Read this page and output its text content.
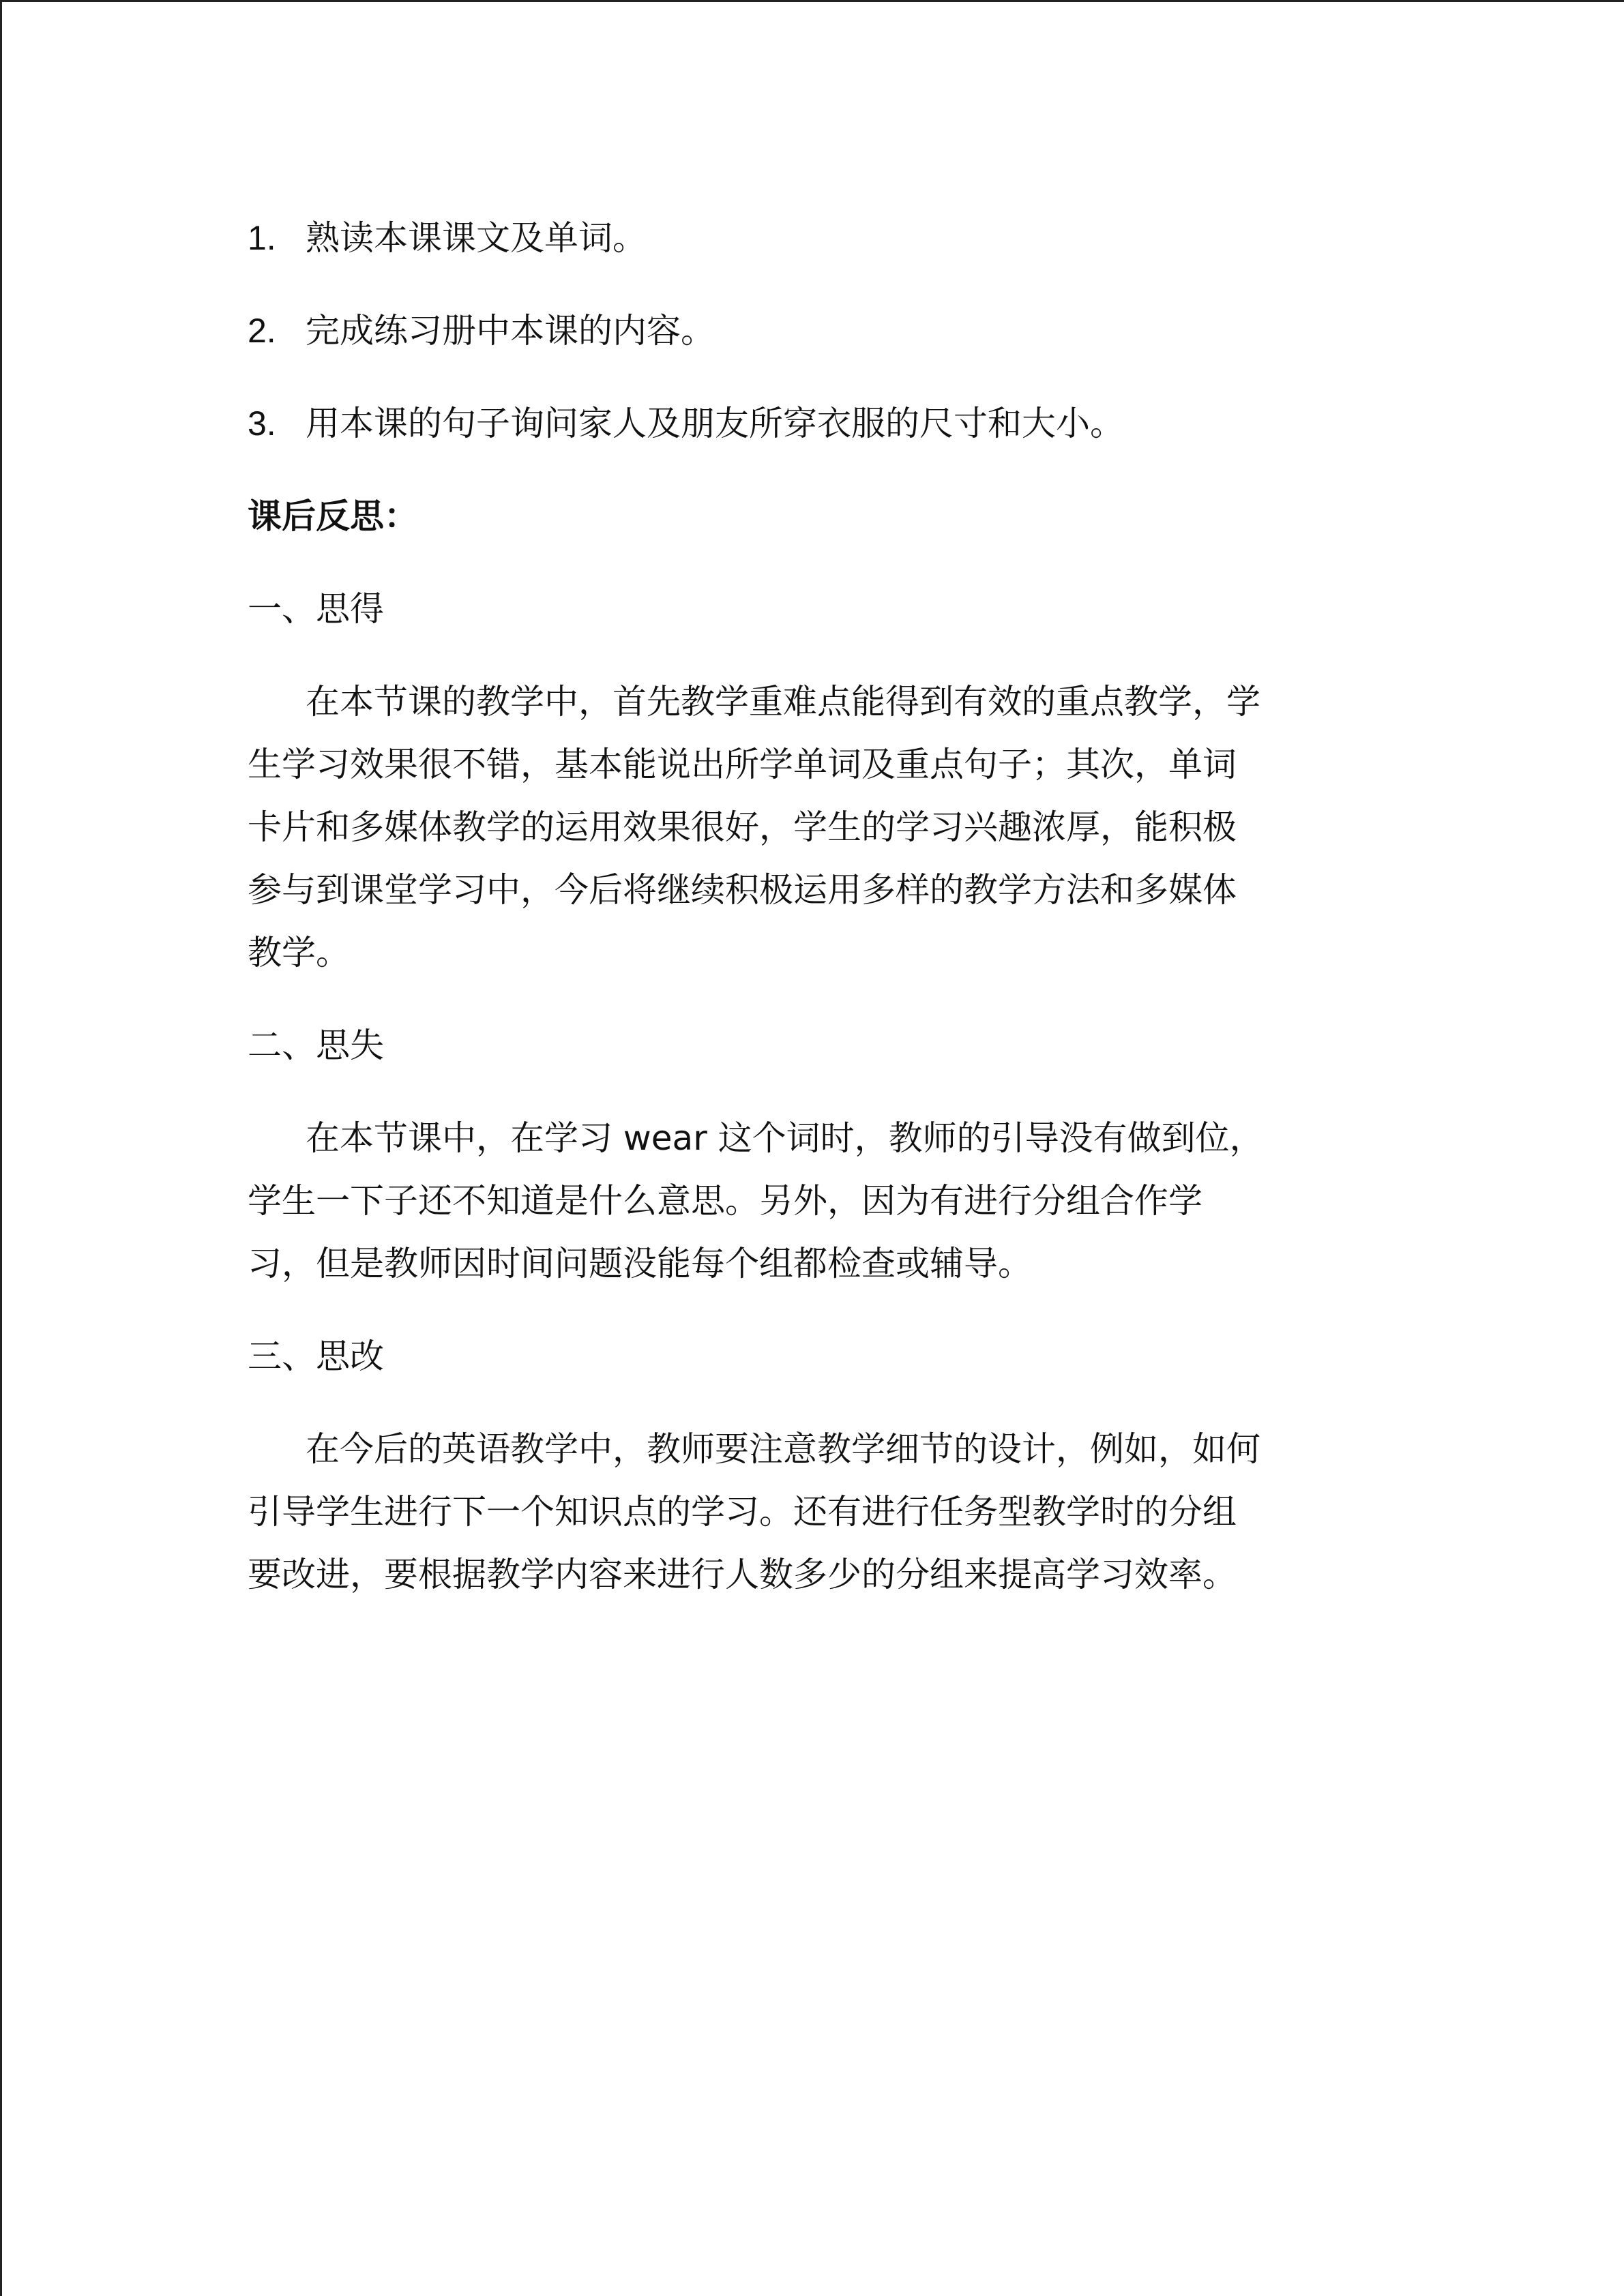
1. 熟读本课课文及单词。
2. 完成练习册中本课的内容。
3. 用本课的句子询问家人及朋友所穿衣服的尺寸和大小。
课后反思：
一、思得
在本节课的教学中，首先教学重难点能得到有效的重点教学，学
生学习效果很不错，基本能说出所学单词及重点句子；其次，单词
卡片和多媒体教学的运用效果很好，学生的学习兴趣浓厚，能积极
参与到课堂学习中，今后将继续积极运用多样的教学方法和多媒体
教学。
二、思失
在本节课中，在学习 wear 这个词时，教师的引导没有做到位，
学生一下子还不知道是什么意思。另外，因为有进行分组合作学
习，但是教师因时间问题没能每个组都检查或辅导。
三、思改
在今后的英语教学中，教师要注意教学细节的设计，例如，如何
引导学生进行下一个知识点的学习。还有进行任务型教学时的分组
要改进，要根据教学内容来进行人数多少的分组来提高学习效率。
